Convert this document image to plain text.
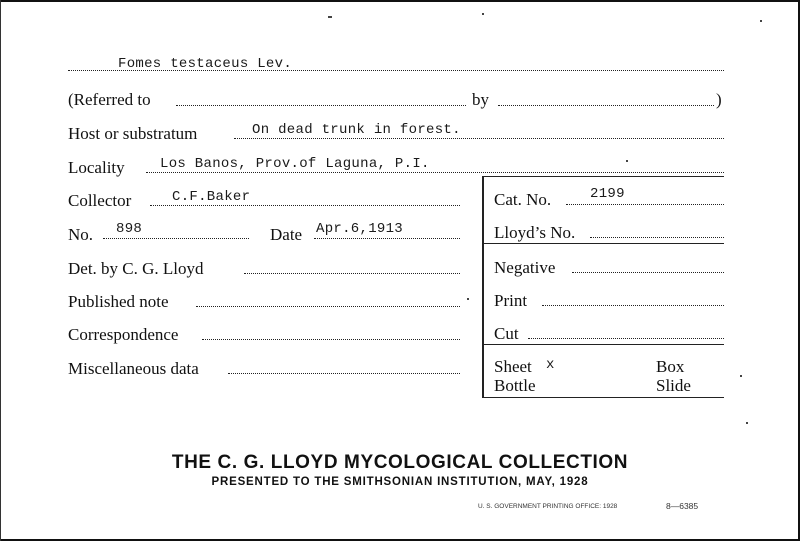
Fomes testaceus Lev.
(Referred to	by	)
Host or substratum	On dead trunk in forest.
Locality	Los Banos, Prov.of Laguna, P.I.
Collector	C.F.Baker
No. 898	Date Apr.6,1913
Det. by C. G. Lloyd
Published note
Correspondence
Miscellaneous data
Cat. No.	2199
Lloyd’s No.
Negative
Print
Cut
Sheet x	Box
Bottle	Slide
THE C. G. LLOYD MYCOLOGICAL COLLECTION
PRESENTED TO THE SMITHSONIAN INSTITUTION, MAY, 1928
U. S. GOVERNMENT PRINTING OFFICE: 1928	8—6385
